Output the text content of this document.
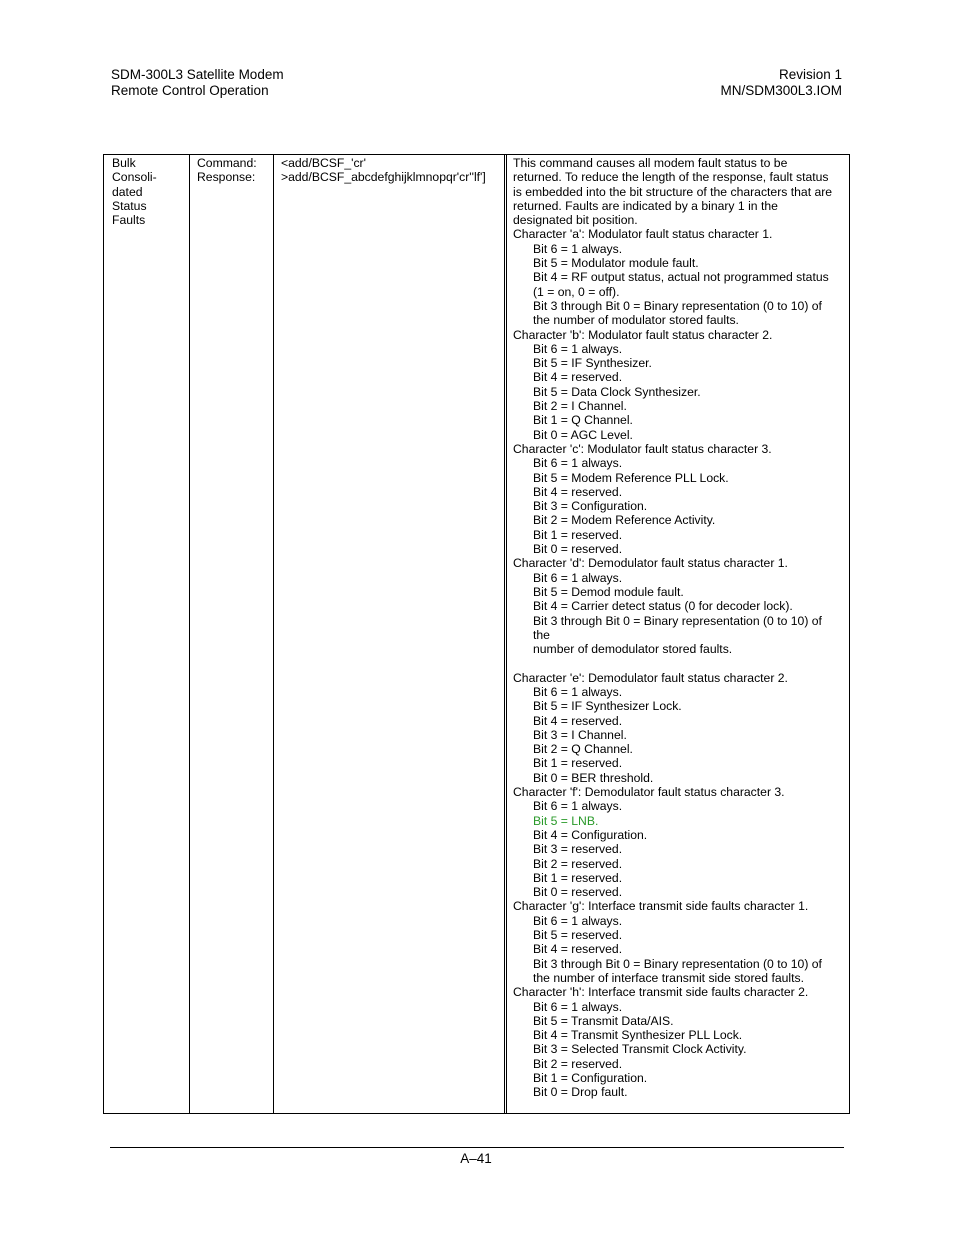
SDM-300L3 Satellite Modem
Remote Control Operation
Revision 1
MN/SDM300L3.IOM
Bulk
Consoli-
dated
Status
Faults
Command:
Response:
<add/BCSF_'cr'
>add/BCSF_abcdefghijklmnopqr'cr''lf']
This command causes all modem fault status to be
returned. To reduce the length of the response, fault status
is embedded into the bit structure of the characters that are
returned. Faults are indicated by a binary 1 in the
designated bit position.
Character 'a': Modulator fault status character 1.
Bit 6 = 1 always.
Bit 5 = Modulator module fault.
Bit 4 = RF output status, actual not programmed status
(1 = on, 0 = off).
Bit 3 through Bit 0 = Binary representation (0 to 10) of
the number of modulator stored faults.
Character 'b': Modulator fault status character 2.
Bit 6 = 1 always.
Bit 5 = IF Synthesizer.
Bit 4 = reserved.
Bit 5 = Data Clock Synthesizer.
Bit 2 = I Channel.
Bit 1 = Q Channel.
Bit 0 = AGC Level.
Character 'c': Modulator fault status character 3.
Bit 6 = 1 always.
Bit 5 = Modem Reference PLL Lock.
Bit 4 = reserved.
Bit 3 = Configuration.
Bit 2 = Modem Reference Activity.
Bit 1 = reserved.
Bit 0 = reserved.
Character 'd': Demodulator fault status character 1.
Bit 6 = 1 always.
Bit 5 = Demod module fault.
Bit 4 = Carrier detect status (0 for decoder lock).
Bit 3 through Bit 0 = Binary representation (0 to 10) of
the
number of demodulator stored faults.
Character 'e': Demodulator fault status character 2.
Bit 6 = 1 always.
Bit 5 = IF Synthesizer Lock.
Bit 4 = reserved.
Bit 3 = I Channel.
Bit 2 = Q Channel.
Bit 1 = reserved.
Bit 0 = BER threshold.
Character 'f': Demodulator fault status character 3.
Bit 6 = 1 always.
Bit 5 = LNB.
Bit 4 = Configuration.
Bit 3 = reserved.
Bit 2 = reserved.
Bit 1 = reserved.
Bit 0 = reserved.
Character 'g': Interface transmit side faults character 1.
Bit 6 = 1 always.
Bit 5 = reserved.
Bit 4 = reserved.
Bit 3 through Bit 0 = Binary representation (0 to 10) of
the number of interface transmit side stored faults.
Character 'h': Interface transmit side faults character 2.
Bit 6 = 1 always.
Bit 5 = Transmit Data/AIS.
Bit 4 = Transmit Synthesizer PLL Lock.
Bit 3 = Selected Transmit Clock Activity.
Bit 2 = reserved.
Bit 1 = Configuration.
Bit 0 = Drop fault.
A–41
